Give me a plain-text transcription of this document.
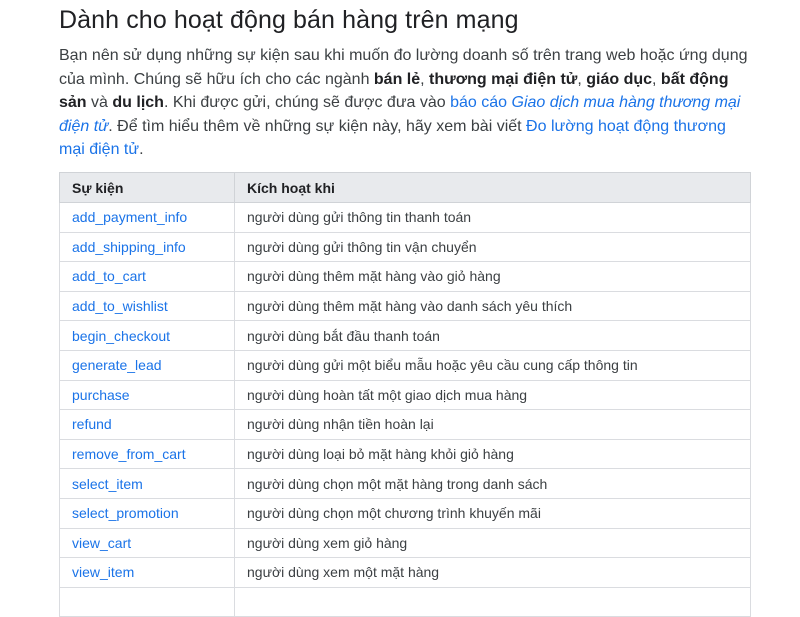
Dành cho hoạt động bán hàng trên mạng

Bạn nên sử dụng những sự kiện sau khi muốn đo lường doanh số trên trang web hoặc ứng dụng của mình. Chúng sẽ hữu ích cho các ngành bán lẻ, thương mại điện tử, giáo dục, bất động sản và du lịch. Khi được gửi, chúng sẽ được đưa vào báo cáo Giao dịch mua hàng thương mại điện tử. Để tìm hiểu thêm về những sự kiện này, hãy xem bài viết Đo lường hoạt động thương mại điện tử.

Sự kiện	Kích hoạt khi
add_payment_info	người dùng gửi thông tin thanh toán
add_shipping_info	người dùng gửi thông tin vận chuyển
add_to_cart	người dùng thêm mặt hàng vào giỏ hàng
add_to_wishlist	người dùng thêm mặt hàng vào danh sách yêu thích
begin_checkout	người dùng bắt đầu thanh toán
generate_lead	người dùng gửi một biểu mẫu hoặc yêu cầu cung cấp thông tin
purchase	người dùng hoàn tất một giao dịch mua hàng
refund	người dùng nhận tiền hoàn lại
remove_from_cart	người dùng loại bỏ mặt hàng khỏi giỏ hàng
select_item	người dùng chọn một mặt hàng trong danh sách
select_promotion	người dùng chọn một chương trình khuyến mãi
view_cart	người dùng xem giỏ hàng
view_item	người dùng xem một mặt hàng
